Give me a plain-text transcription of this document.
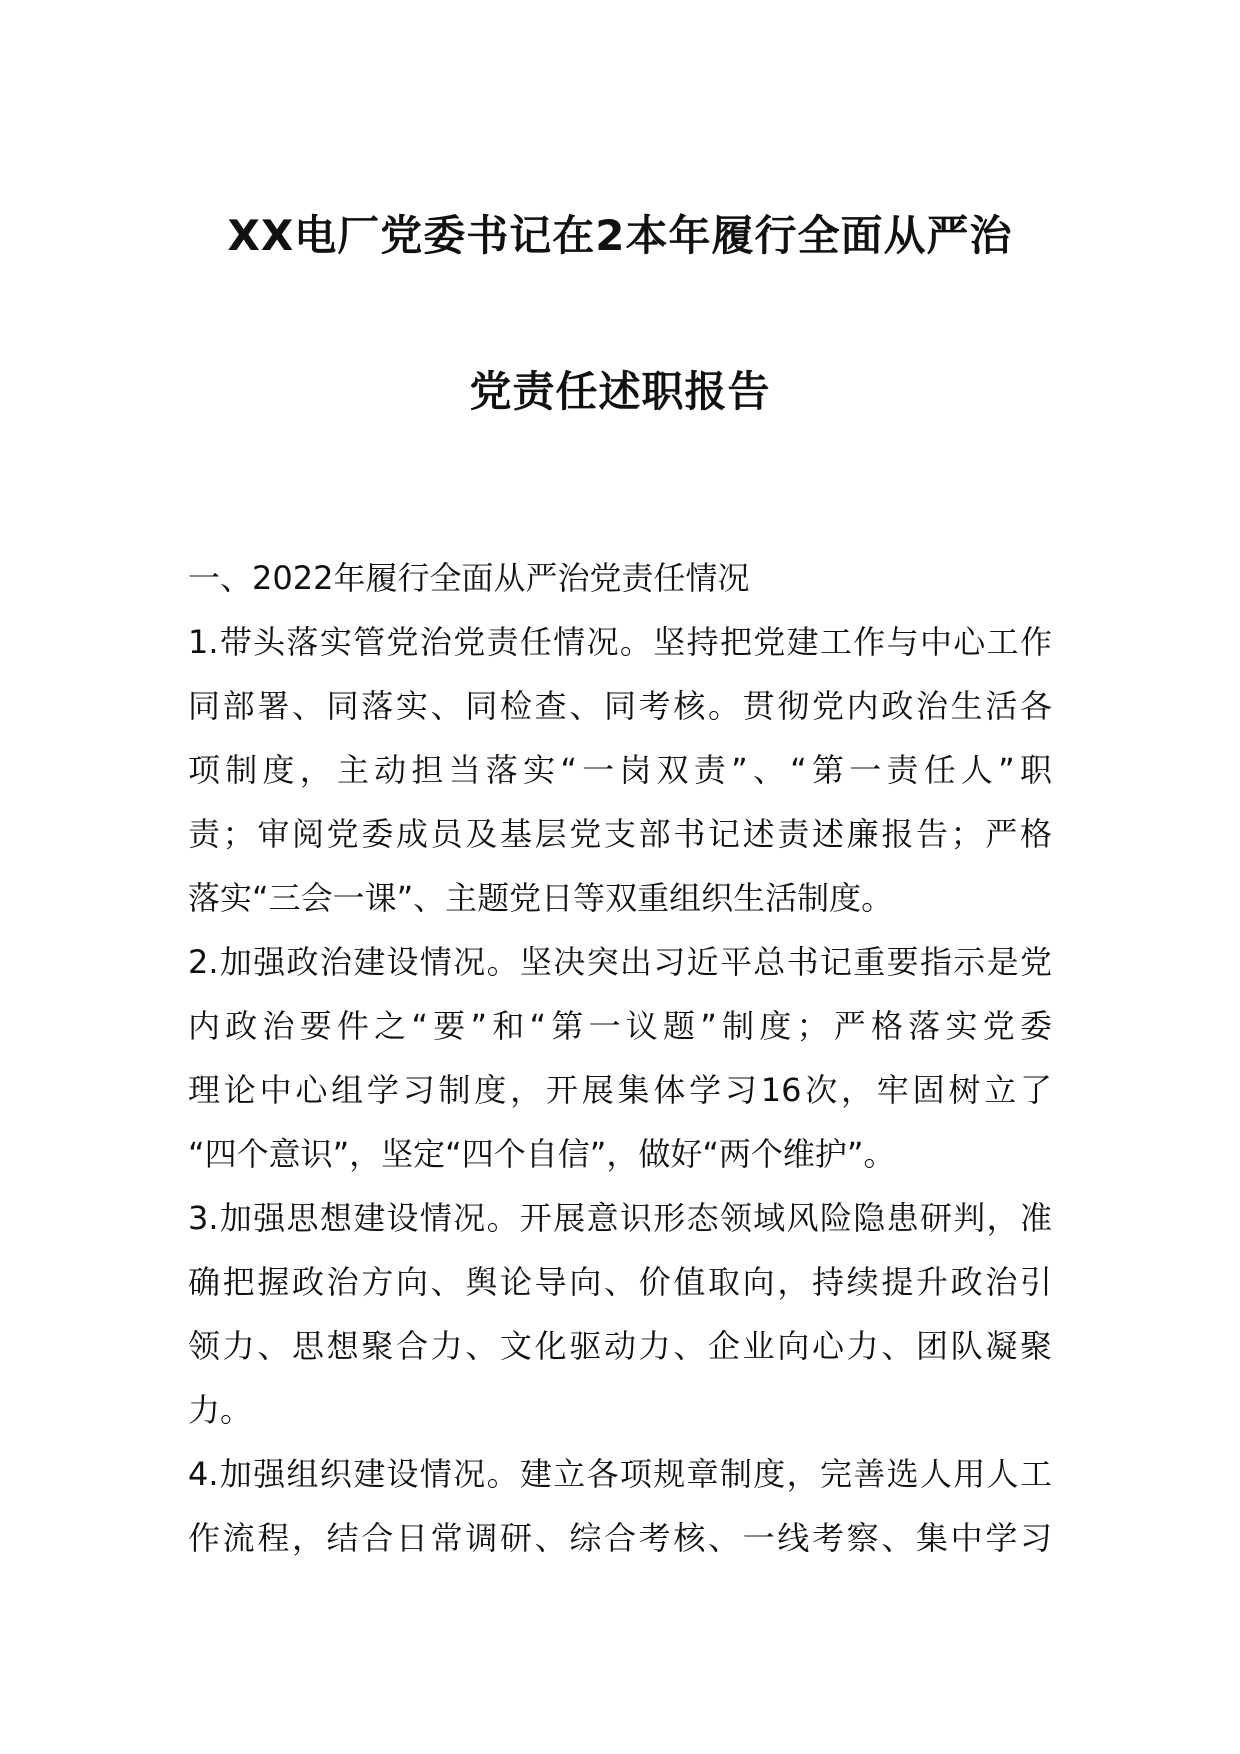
XX电厂党委书记在2本年履行全面从严治
党责任述职报告
一、2022年履行全面从严治党责任情况
1.带头落实管党治党责任情况。坚持把党建工作与中心工作
同部署、同落实、同检查、同考核。贯彻党内政治生活各
项制度，主动担当落实“一岗双责”、“第一责任人”职
责；审阅党委成员及基层党支部书记述责述廉报告；严格
落实“三会一课”、主题党日等双重组织生活制度。
2.加强政治建设情况。坚决突出习近平总书记重要指示是党
内政治要件之“要”和“第一议题”制度；严格落实党委
理论中心组学习制度，开展集体学习16次，牢固树立了
“四个意识”，坚定“四个自信”，做好“两个维护”。
3.加强思想建设情况。开展意识形态领域风险隐患研判，准
确把握政治方向、舆论导向、价值取向，持续提升政治引
领力、思想聚合力、文化驱动力、企业向心力、团队凝聚
力。
4.加强组织建设情况。建立各项规章制度，完善选人用人工
作流程，结合日常调研、综合考核、一线考察、集中学习
